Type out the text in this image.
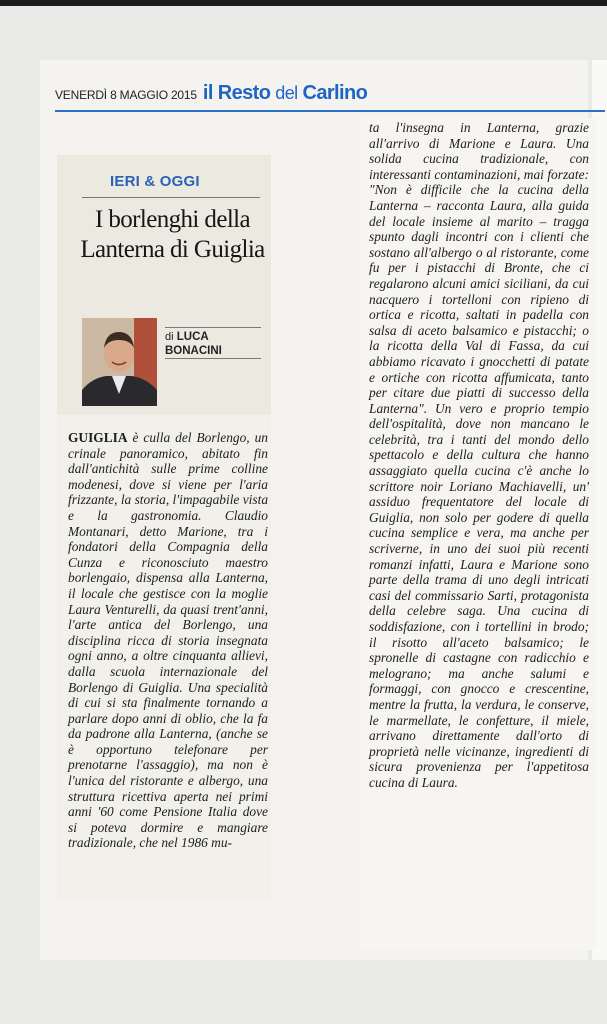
VENERDÌ 8 MAGGIO 2015 il Resto del Carlino
IERI & OGGI
I borlenghi della Lanterna di Guiglia
di LUCA BONACINI

GUIGLIA è culla del Borlengo, un crinale panoramico, abitato fin dall'antichità sulle prime colline modenesi, dove si viene per l'aria frizzante, la storia, l'impagabile vista e la gastronomia. Claudio Montanari, detto Marione, tra i fondatori della Compagnia della Cunza e riconosciuto maestro borlengaio, dispensa alla Lanterna, il locale che gestisce con la moglie Laura Venturelli, da quasi trent'anni, l'arte antica del Borlengo, una disciplina ricca di storia insegnata ogni anno, a oltre cinquanta allievi, dalla scuola internazionale del Borlengo di Guiglia. Una specialità di cui si sta finalmente tornando a parlare dopo anni di oblio, che la fa da padrone alla Lanterna, (anche se è opportuno telefonare per prenotarne l'assaggio), ma non è l'unica del ristorante e albergo, una struttura ricettiva aperta nei primi anni '60 come Pensione Italia dove si poteva dormire e mangiare tradizionale, che nel 1986 mu-

ta l'insegna in Lanterna, grazie all'arrivo di Marione e Laura. Una solida cucina tradizionale, con interessanti contaminazioni, mai forzate: "Non è difficile che la cucina della Lanterna – racconta Laura, alla guida del locale insieme al marito – tragga spunto dagli incontri con i clienti che sostano all'albergo o al ristorante, come fu per i pistacchi di Bronte, che ci regalarono alcuni amici siciliani, da cui nacquero i tortelloni con ripieno di ortica e ricotta, saltati in padella con salsa di aceto balsamico e pistacchi; o la ricotta della Val di Fassa, da cui abbiamo ricavato i gnocchetti di patate e ortiche con ricotta affumicata, tanto per citare due piatti di successo della Lanterna". Un vero e proprio tempio dell'ospitalità, dove non mancano le celebrità, tra i tanti del mondo dello spettacolo e della cultura che hanno assaggiato quella cucina c'è anche lo scrittore noir Loriano Machiavelli, un' assiduo frequentatore del locale di Guiglia, non solo per godere di quella cucina semplice e vera, ma anche per scriverne, in uno dei suoi più recenti romanzi infatti, Laura e Marione sono parte della trama di uno degli intricati casi del commissario Sarti, protagonista della celebre saga. Una cucina di soddisfazione, con i tortellini in brodo; il risotto all'aceto balsamico; le spronelle di castagne con radicchio e melograno; ma anche salumi e formaggi, con gnocco e crescentine, mentre la frutta, la verdura, le conserve, le marmellate, le confetture, il miele, arrivano direttamente dall'orto di proprietà nelle vicinanze, ingredienti di sicura provenienza per l'appetitosa cucina di Laura.
